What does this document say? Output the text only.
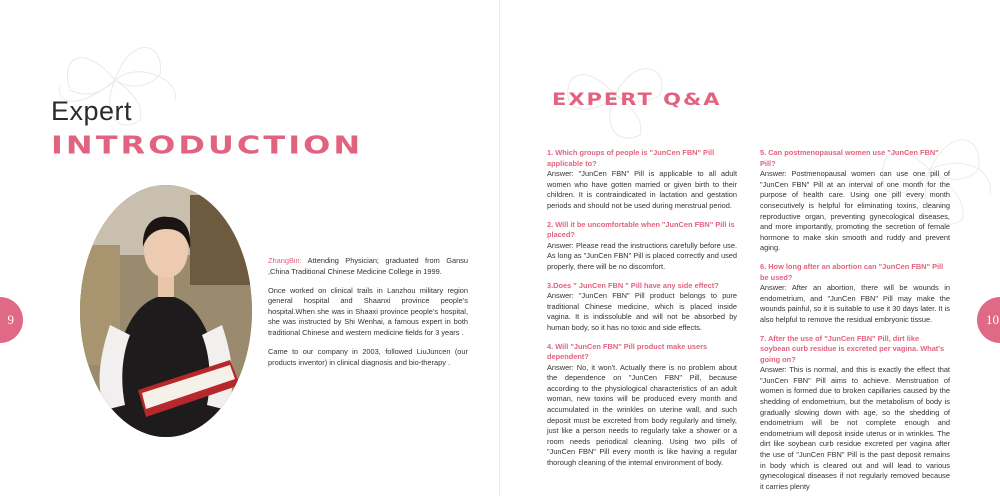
9
Expert
INTRODUCTION

ZhangBin: Attending Physician; graduated from Gansu ,China Traditional Chinese Medicine College in 1999.

Once worked on clinical trails in Lanzhou military region general hospital and Shaanxi province people’s hospital.When she was in Shaaxi province people’s hospital, she was instructed by Shi Wenhai, a famous expert in both traditional Chinese and western medicine fields for 3 years .

Came to our company in 2003, followed LiuJuncen (our products inventor) in clinical diagnosis and bio-therapy .

10
EXPERT Q&A

1. Which groups of people is "JunCen FBN" Pill applicable to?

Answer: "JunCen FBN" Pill is applicable to all adult women who have gotten married or given birth to their children. It is contraindicated in lactation and gestation periods and should not be used during menstrual period.

2. Will it be uncomfortable when "JunCen FBN" Pill is placed?

Answer: Please read the instructions carefully before use. As long as "JunCen FBN" Pill is placed correctly and used properly, there will be no discomfort.

3.Does " JunCen FBN " Pill have any side effect?

Answer: "JunCen FBN" Pill product belongs to pure traditional Chinese medicine, which is placed inside vagina. It is indissoluble and will not be absorbed by human body, so it has no toxic and side effects.

4. Will "JunCen FBN" Pill product make users dependent?

Answer: No, it won't. Actually there is no problem about the dependence on "JunCen FBN" Pill, because according to the physiological characteristics of an adult woman, new toxins will be produced every month and accumulated in the wrinkles on uterine wall, and such deposit must be excreted from body regularly and timely, just like a person needs to regularly take a shower or a room needs periodical cleaning. Using two pills of "JunCen FBN" Pill every month is like having a regular thorough cleaning of the internal environment of body.

5. Can postmenopausal women use "JunCen FBN" Pill?

Answer: Postmenopausal women can use one pill of "JunCen FBN" Pill at an interval of one month for the purpose of health care. Using one pill every month consecutively is helpful for eliminating toxins, cleaning reproductive organ, preventing gynecological diseases, and more importantly, promoting the secretion of female hormone to make skin smooth and ruddy and prevent aging.

6. How long after an abortion can "JunCen FBN" Pill be used?

Answer: After an abortion, there will be wounds in endometrium, and "JunCen FBN" Pill may make the wounds painful, so it is suitable to use it 30 days later. It is also helpful to remove the residual embryonic tissue.

7. After the use of "JunCen FBN" Pill, dirt like soybean curb residue is excreted per vagina. What's going on?

Answer: This is normal, and this is exactly the effect that "JunCen FBN" Pill aims to achieve. Menstruation of women is formed due to broken capillaries caused by the shedding of endometrium, but the metabolism of body is gradually slowing down with age, so the shedding of endometrium will be not complete enough and endometrium will deposit inside uterus or in wrinkles. The dirt like soybean curb residue excreted per vagina after the use of "JunCen FBN" Pill is the past deposit remains in body which is cleared out and will lead to various gynecological diseases if not regularly removed because it carries plenty
